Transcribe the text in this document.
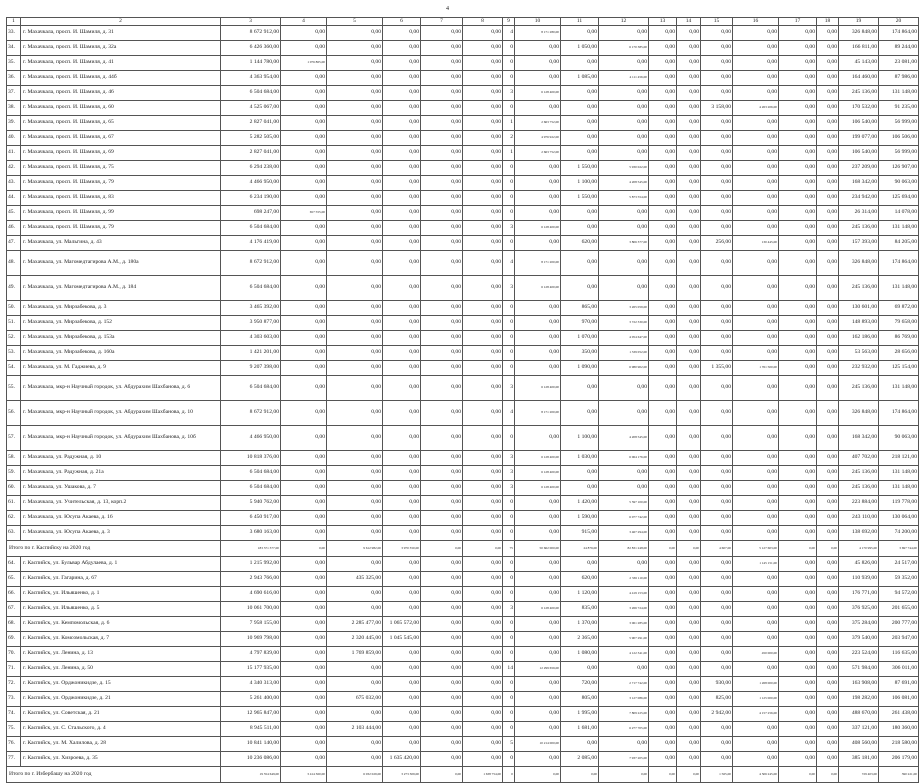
4
1	2	3	4	5	6	7	8	9	10	11	12	13	14	15	16	17	18	19	20
33.	г. Махачкала, просп. И. Шамиля, д. 31	8 672 912,00	0,00	0,00	0,00	0,00	0,00	4	8 171 280,00	0,00	0,00	0,00	0,00	0,00	0,00	0,00	0,00	326 848,00	174 864,00
34.	г. Махачкала, просп. И. Шамиля, д. 32а	6 426 360,00	0,00	0,00	0,00	0,00	0,00	0	0,00	1 050,00	6 170 385,00	0,00	0,00	0,00	0,00	0,00	0,00	166 811,00	89 244,00
35.	г. Махачкала, просп. И. Шамиля, д. 41	1 144 780,00	1 076 865,00	0,00	0,00	0,00	0,00	0	0,00	0,00	0,00	0,00	0,00	0,00	0,00	0,00	0,00	45 143,00	23 081,00
36.	г. Махачкала, просп. И. Шамиля, д. 44б	4 363 954,00	0,00	0,00	0,00	0,00	0,00	0	0,00	1 085,00	4 111 456,00	0,00	0,00	0,00	0,00	0,00	0,00	164 460,00	87 986,00
37.	г. Махачкала, просп. И. Шамиля, д. 46	6 504 684,00	0,00	0,00	0,00	0,00	0,00	3	6 128 400,00	0,00	0,00	0,00	0,00	0,00	0,00	0,00	0,00	245 136,00	131 148,00
38.	г. Махачкала, просп. И. Шамиля, д. 60	4 525 067,00	0,00	0,00	0,00	0,00	0,00	0	0,00	0,00	0,00	0,00	0,00	3 158,00	4 263 206,00	0,00	0,00	170 532,00	91 235,00
39.	г. Махачкала, просп. И. Шамиля, д. 65	2 827 041,00	0,00	0,00	0,00	0,00	0,00	1	2 663 752,00	0,00	0,00	0,00	0,00	0,00	0,00	0,00	0,00	106 540,00	56 999,00
40.	г. Махачкала, просп. И. Шамиля, д. 67	5 282 505,00	0,00	0,00	0,00	0,00	0,00	2	4 976 922,00	0,00	0,00	0,00	0,00	0,00	0,00	0,00	0,00	199 077,00	106 506,00
41.	г. Махачкала, просп. И. Шамиля, д. 69	2 827 041,00	0,00	0,00	0,00	0,00	0,00	1	2 663 752,00	0,00	0,00	0,00	0,00	0,00	0,00	0,00	0,00	106 540,00	56 999,00
42.	г. Махачкала, просп. И. Шамиля, д. 75	6 294 238,00	0,00	0,00	0,00	0,00	0,00	0	0,00	1 550,00	5 930 022,00	0,00	0,00	0,00	0,00	0,00	0,00	237 209,00	126 907,00
43.	г. Махачкала, просп. И. Шамиля, д. 79	4 466 950,00	0,00	0,00	0,00	0,00	0,00	0	0,00	1 100,00	4 208 545,00	0,00	0,00	0,00	0,00	0,00	0,00	168 342,00	90 063,00
44.	г. Махачкала, просп. И. Шамиля, д. 83	6 234 190,00	0,00	0,00	0,00	0,00	0,00	0	0,00	1 550,00	5 873 554,00	0,00	0,00	0,00	0,00	0,00	0,00	234 942,00	125 694,00
45.	г. Махачкала, просп. И. Шамиля, д. 99	698 247,00	657 555,00	0,00	0,00	0,00	0,00	0	0,00	0,00	0,00	0,00	0,00	0,00	0,00	0,00	0,00	26 314,00	14 078,00
46.	г. Махачкала, просп. И. Шамиля, д. 79	6 504 684,00	0,00	0,00	0,00	0,00	0,00	3	6 128 400,00	0,00	0,00	0,00	0,00	0,00	0,00	0,00	0,00	245 136,00	131 148,00
47.	г. Махачкала, ул. Мальгина, д. 43	4 176 419,00	0,00	0,00	0,00	0,00	0,00	0	0,00	620,00	3 806 377,00	0,00	0,00	256,00	130 445,00	0,00	0,00	157 393,00	84 205,00
48.	г. Махачкала, ул. Магомедтагирова А.М., д. 180а	8 672 912,00	0,00	0,00	0,00	0,00	0,00	4	8 171 200,00	0,00	0,00	0,00	0,00	0,00	0,00	0,00	0,00	326 848,00	174 864,00
49.	г. Махачкала, ул. Магомедтагирова А.М., д. 184	6 504 684,00	0,00	0,00	0,00	0,00	0,00	3	6 128 400,00	0,00	0,00	0,00	0,00	0,00	0,00	0,00	0,00	245 136,00	131 148,00
50.	г. Махачкала, ул. Мирзабекова, д. 3	3 465 392,00	0,00	0,00	0,00	0,00	0,00	0	0,00	865,00	3 265 059,00	0,00	0,00	0,00	0,00	0,00	0,00	130 601,00	69 872,00
51.	г. Махачкала, ул. Мирзабекова, д. 152	3 950 877,00	0,00	0,00	0,00	0,00	0,00	0	0,00	970,00	3 722 330,00	0,00	0,00	0,00	0,00	0,00	0,00	148 893,00	79 658,00
52.	г. Махачкала, ул. Мирзабекова, д. 153а	4 303 603,00	0,00	0,00	0,00	0,00	0,00	0	0,00	1 070,00	4 054 647,00	0,00	0,00	0,00	0,00	0,00	0,00	162 186,00	86 769,00
53.	г. Махачкала, ул. Мирзабекова, д. 160а	1 421 201,00	0,00	0,00	0,00	0,00	0,00	0	0,00	350,00	1 339 052,00	0,00	0,00	0,00	0,00	0,00	0,00	53 563,00	28 656,00
54.	г. Махачкала, ул. М. Гаджиева, д. 9	9 207 398,00	0,00	0,00	0,00	0,00	0,00	0	0,00	1 090,00	6 980 902,00	0,00	0,00	1 355,00	1 761 500,00	0,00	0,00	232 932,00	125 154,00
55.	г. Махачкала, мкр-н Научный городок, ул. Абдурахим Шахбанова, д. 6	6 504 684,00	0,00	0,00	0,00	0,00	0,00	3	6 128 400,00	0,00	0,00	0,00	0,00	0,00	0,00	0,00	0,00	245 136,00	131 148,00
56.	г. Махачкала, мкр-н Научный городок, ул. Абдурахим Шахбанова, д. 10	8 672 912,00	0,00	0,00	0,00	0,00	0,00	4	8 171 200,00	0,00	0,00	0,00	0,00	0,00	0,00	0,00	0,00	326 848,00	174 864,00
57.	г. Махачкала, мкр-н Научный городок, ул. Абдурахим Шахбанова, д. 10б	4 466 950,00	0,00	0,00	0,00	0,00	0,00	0	0,00	1 100,00	4 208 545,00	0,00	0,00	0,00	0,00	0,00	0,00	168 342,00	90 063,00
58.	г. Махачкала, ул. Радужная, д. 10	10 818 376,00	0,00	0,00	0,00	0,00	0,00	3	6 128 400,00	1 030,00	6 064 176,00	0,00	0,00	0,00	0,00	0,00	0,00	407 702,00	218 121,00
59.	г. Махачкала, ул. Радужная, д. 21а	6 504 684,00	0,00	0,00	0,00	0,00	0,00	3	6 128 400,00	0,00	0,00	0,00	0,00	0,00	0,00	0,00	0,00	245 136,00	131 148,00
60.	г. Махачкала, ул. Ушакова, д. 7	6 504 684,00	0,00	0,00	0,00	0,00	0,00	3	6 128 400,00	0,00	0,00	0,00	0,00	0,00	0,00	0,00	0,00	245 136,00	131 148,00
61.	г. Махачкала, ул. Учительская, д. 13, корп.2	5 940 762,00	0,00	0,00	0,00	0,00	0,00	0	0,00	1 420,00	5 597 100,00	0,00	0,00	0,00	0,00	0,00	0,00	223 884,00	119 778,00
62.	г. Махачкала, ул. Юсупа Акаева, д. 16	6 450 917,00	0,00	0,00	0,00	0,00	0,00	0	0,00	1 590,00	6 077 742,00	0,00	0,00	0,00	0,00	0,00	0,00	243 110,00	130 064,00
63.	г. Махачкала, ул. Юсупа Акаева, д. 3	3 680 163,00	0,00	0,00	0,00	0,00	0,00	0	0,00	915,00	3 467 294,00	0,00	0,00	0,00	0,00	0,00	0,00	138 692,00	74 200,00
Итого по г. Каспийску на 2020 год		183 371 377,00	0,00	9 612 982,00	3 970 350,00	0,00	0,00	75	50 662 000,00	24 876,00	82 831 248,00	0,00	0,00	4 607,00	5 127 603,00	0,00	0,00	4 170 995,00	3 697 744,00
64.	г. Каспийск, ул. Бульвар Абдулаева, д. 1	1 215 992,00	0,00	0,00	0,00	0,00	0,00	0	0,00	0,00	0,00	0,00	0,00	0,00	1 145 151,00	0,00	0,00	45 826,00	24 517,00
65.	г. Каспийск, ул. Гагарина, д. 67	2 943 766,00	0,00	435 325,00	0,00	0,00	0,00	0	0,00	620,00	2 336 110,00	0,00	0,00	0,00	0,00	0,00	0,00	110 939,00	59 352,00
66.	г. Каспийск, ул. Ильяшенко, д. 1	4 690 616,00	0,00	0,00	0,00	0,00	0,00	0	0,00	1 120,00	4 419 153,00	0,00	0,00	0,00	0,00	0,00	0,00	176 771,00	94 572,00
67.	г. Каспийск, ул. Ильяшенко, д. 5	10 061 700,00	0,00	0,00	0,00	0,00	0,00	3	6 128 400,00	835,00	3 266 724,00	0,00	0,00	0,00	0,00	0,00	0,00	376 925,00	201 655,00
68.	г. Каспийск, ул. Кемпомольская, д. 6	7 958 155,00	0,00	2 285 477,00	1 065 572,00	0,00	0,00	0	0,00	1 370,00	3 061 285,00	0,00	0,00	0,00	0,00	0,00	0,00	375 284,00	200 777,00
69.	г. Каспийск, ул. Комсомольская, д. 7	10 969 798,00	0,00	2 320 445,00	1 045 545,00	0,00	0,00	0	0,00	2 365,00	5 907 291,00	0,00	0,00	0,00	0,00	0,00	0,00	379 540,00	203 947,00
70.	г. Каспийск, ул. Ленина, д. 13	4 797 839,00	0,00	1 769 859,00	0,00	0,00	0,00	0	0,00	1 080,00	4 122 341,00	0,00	0,00	0,00	450 000,00	0,00	0,00	223 524,00	116 635,00
71.	г. Каспийск, ул. Ленина, д. 50	15 177 935,00	0,00	0,00	0,00	0,00	0,00	14	12 299 656,00	0,00	0,00	0,00	0,00	0,00	0,00	0,00	0,00	571 984,00	306 011,00
72.	г. Каспийск, ул. Орджоникидзе, д. 15	4 340 313,00	0,00	0,00	0,00	0,00	0,00	0	0,00	720,00	2 717 742,00	0,00	0,00	930,00	1 268 000,00	0,00	0,00	163 908,00	87 691,00
73.	г. Каспийск, ул. Орджоникидзе, д. 21	5 261 400,00	0,00	675 032,00	0,00	0,00	0,00	0	0,00	805,00	3 127 086,00	0,00	0,00	825,00	1 125 000,00	0,00	0,00	198 282,00	106 081,00
74.	г. Каспийск, ул. Советская, д. 21	12 965 847,00	0,00	0,00	0,00	0,00	0,00	0	0,00	1 995,00	7 809 225,00	0,00	0,00	2 942,00	4 157 256,00	0,00	0,00	488 670,00	261 438,00
75.	г. Каспийск, ул. С. Стальского, д. 4	8 945 511,00	0,00	2 103 444,00	0,00	0,00	0,00	0	0,00	1 681,00	6 277 705,00	0,00	0,00	0,00	0,00	0,00	0,00	337 121,00	180 360,00
76.	г. Каспийск, ул. М. Халилова, д. 28	10 841 140,00	0,00	0,00	0,00	0,00	0,00	5	10 214 000,00	0,00	0,00	0,00	0,00	0,00	0,00	0,00	0,00	408 560,00	218 580,00
77.	г. Каспийск, ул. Хизроева, д. 35	10 236 086,00	0,00	0,00	1 635 420,00	0,00	0,00	0	0,00	2 085,00	7 937 205,00	0,00	0,00	0,00	0,00	0,00	0,00	385 181,00	206 179,00
Итого по г. Избербашу на 2020 год		19 354 649,00	3 414 360,00	6 032 029,00	3 273 309,00	0,00	1 638 754,00	0	0,00	0,00	0,00	0,00	0,00	1 565,00	4 506 245,00	0,00	0,00	729 403,00	390 221,00
